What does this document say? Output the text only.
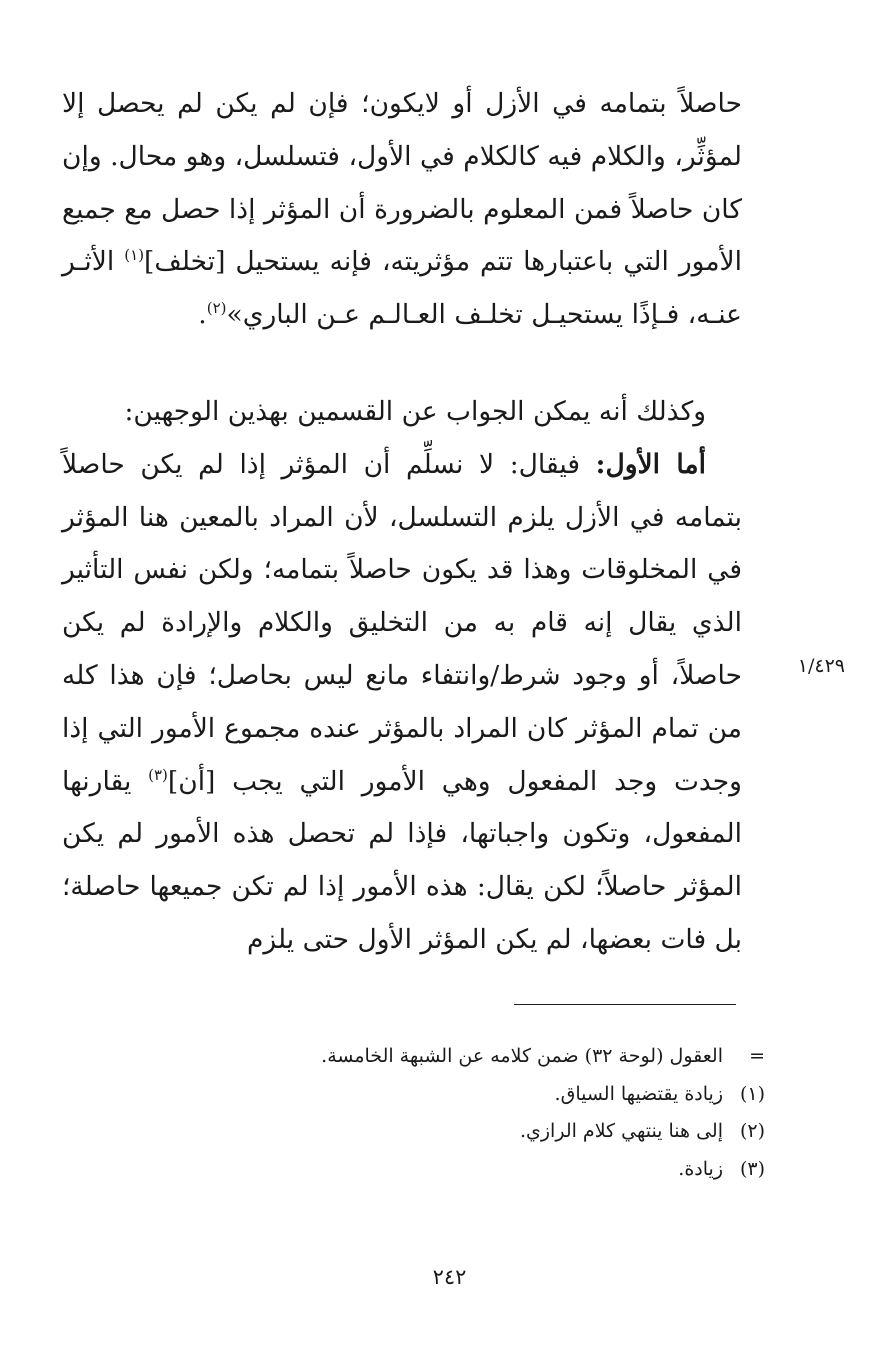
حاصلاً بتمامه في الأزل أو لايكون؛ فإن لم يكن لم يحصل إلا لمؤثِّر، والكلام فيه كالكلام في الأول، فتسلسل، وهو محال. وإن كان حاصلاً فمن المعلوم بالضرورة أن المؤثر إذا حصل مع جميع الأمور التي باعتبارها تتم مؤثريته، فإنه يستحيل [تخلف]$^{(١)}$ الأثـر عنـه، فـإذًا يستحيـل تخلـف العـالـم عـن الباري»$^{(٢)}$.

وكذلك أنه يمكن الجواب عن القسمين بهذين الوجهين:

أما الأول: فيقال: لا نسلِّم أن المؤثر إذا لم يكن حاصلاً بتمامه في الأزل يلزم التسلسل، لأن المراد بالمعين هنا المؤثر في المخلوقات وهذا قد يكون حاصلاً بتمامه؛ ولكن نفس التأثير الذي يقال إنه قام به من التخليق والكلام والإرادة لم يكن حاصلاً، أو وجود شرط/وانتفاء مانع ليس بحاصل؛ فإن هذا كله من تمام المؤثر كان المراد بالمؤثر عنده مجموع الأمور التي إذا وجدت وجد المفعول وهي الأمور التي يجب [أن]$^{(٣)}$ يقارنها المفعول، وتكون واجباتها، فإذا لم تحصل هذه الأمور لم يكن المؤثر حاصلاً؛ لكن يقال: هذه الأمور إذا لم تكن جميعها حاصلة؛ بل فات بعضها، لم يكن المؤثر الأول حتى يلزم

١/٤٢٩
=
العقول (لوحة ٣٢) ضمن كلامه عن الشبهة الخامسة.
(١)
زيادة يقتضيها السياق.
(٢)
إلى هنا ينتهي كلام الرازي.
(٣)
زيادة.
٢٤٢
